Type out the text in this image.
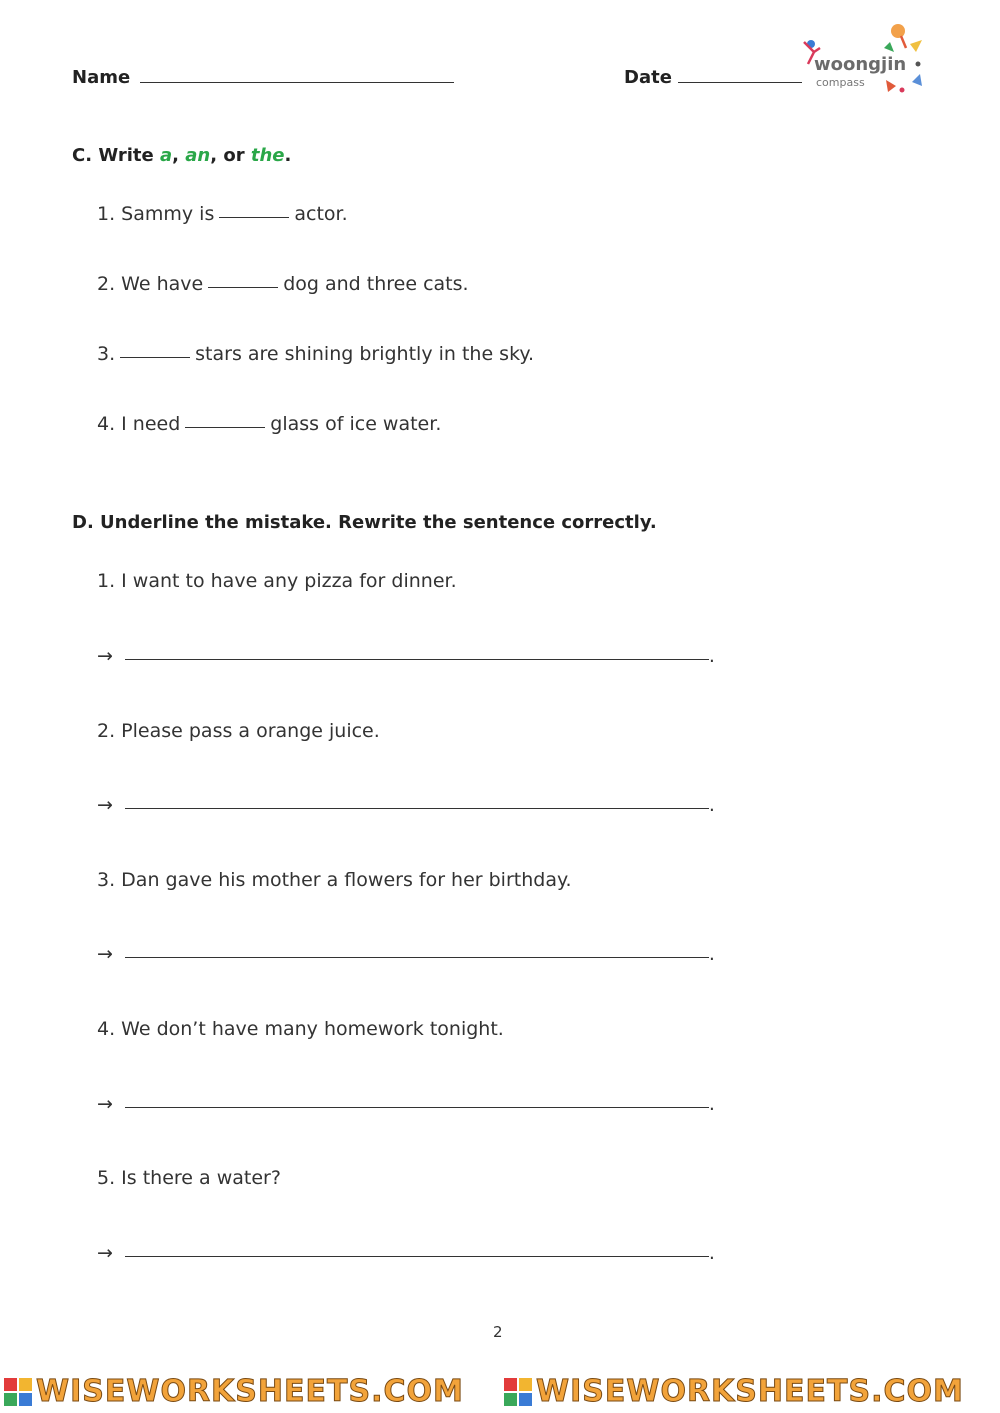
Name	Date
woongjin
compass
C. Write a, an, or the.
1. Sammy is	actor.
2. We have	dog and three cats.
3.	stars are shining brightly in the sky.
4. I need	glass of ice water.
D. Underline the mistake. Rewrite the sentence correctly.
1. I want to have any pizza for dinner.
→	.
2. Please pass a orange juice.
→	.
3. Dan gave his mother a flowers for her birthday.
→	.
4. We don’t have many homework tonight.
→	.
5. Is there a water?
→	.
2
WISEWORKSHEETS.COM WISEWORKSHEETS.COM
